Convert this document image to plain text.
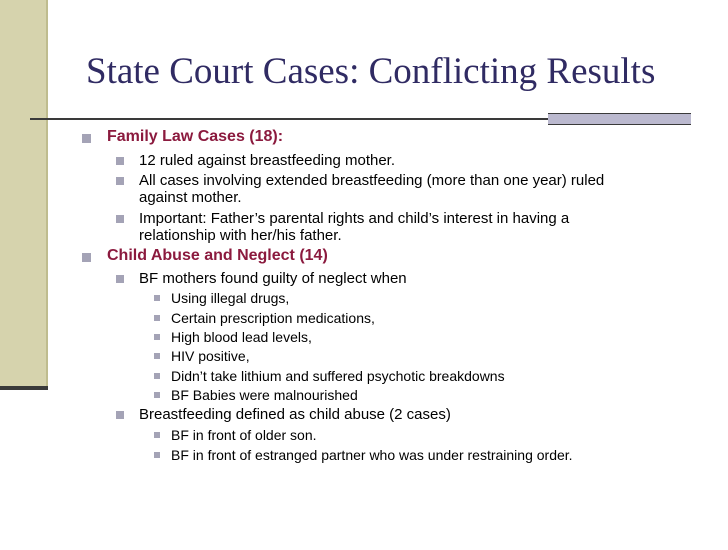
State Court Cases: Conflicting Results
Family Law Cases (18):
12 ruled against breastfeeding mother.
All cases involving extended breastfeeding (more than one year) ruled
against mother.
Important: Father’s parental rights and child’s interest in having a
relationship with her/his father.
Child Abuse and Neglect (14)
BF mothers found guilty of neglect when
Using illegal drugs,
Certain prescription medications,
High blood lead levels,
HIV positive,
Didn’t take lithium and suffered psychotic breakdowns
BF Babies were malnourished
Breastfeeding defined as child abuse (2 cases)
BF in front of older son.
BF in front of estranged partner who was under restraining order.
